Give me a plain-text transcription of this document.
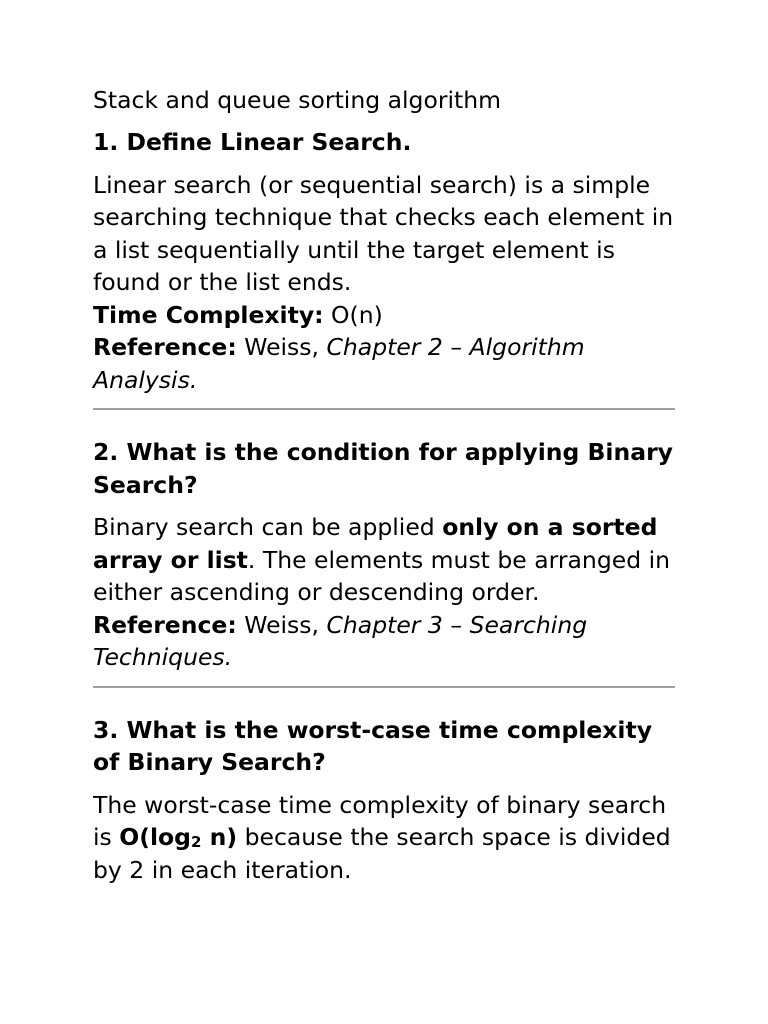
Stack and queue sorting algorithm
1. Define Linear Search.

Linear search (or sequential search) is a simple searching technique that checks each element in a list sequentially until the target element is found or the list ends.

Time Complexity: O(n)

Reference: Weiss, Chapter 2 – Algorithm Analysis.

2. What is the condition for applying Binary Search?

Binary search can be applied only on a sorted array or list. The elements must be arranged in either ascending or descending order.

Reference: Weiss, Chapter 3 – Searching Techniques.

3. What is the worst-case time complexity of Binary Search?

The worst-case time complexity of binary search is $O(\log_2$ n) because the search space is divided by 2 in each iteration.
